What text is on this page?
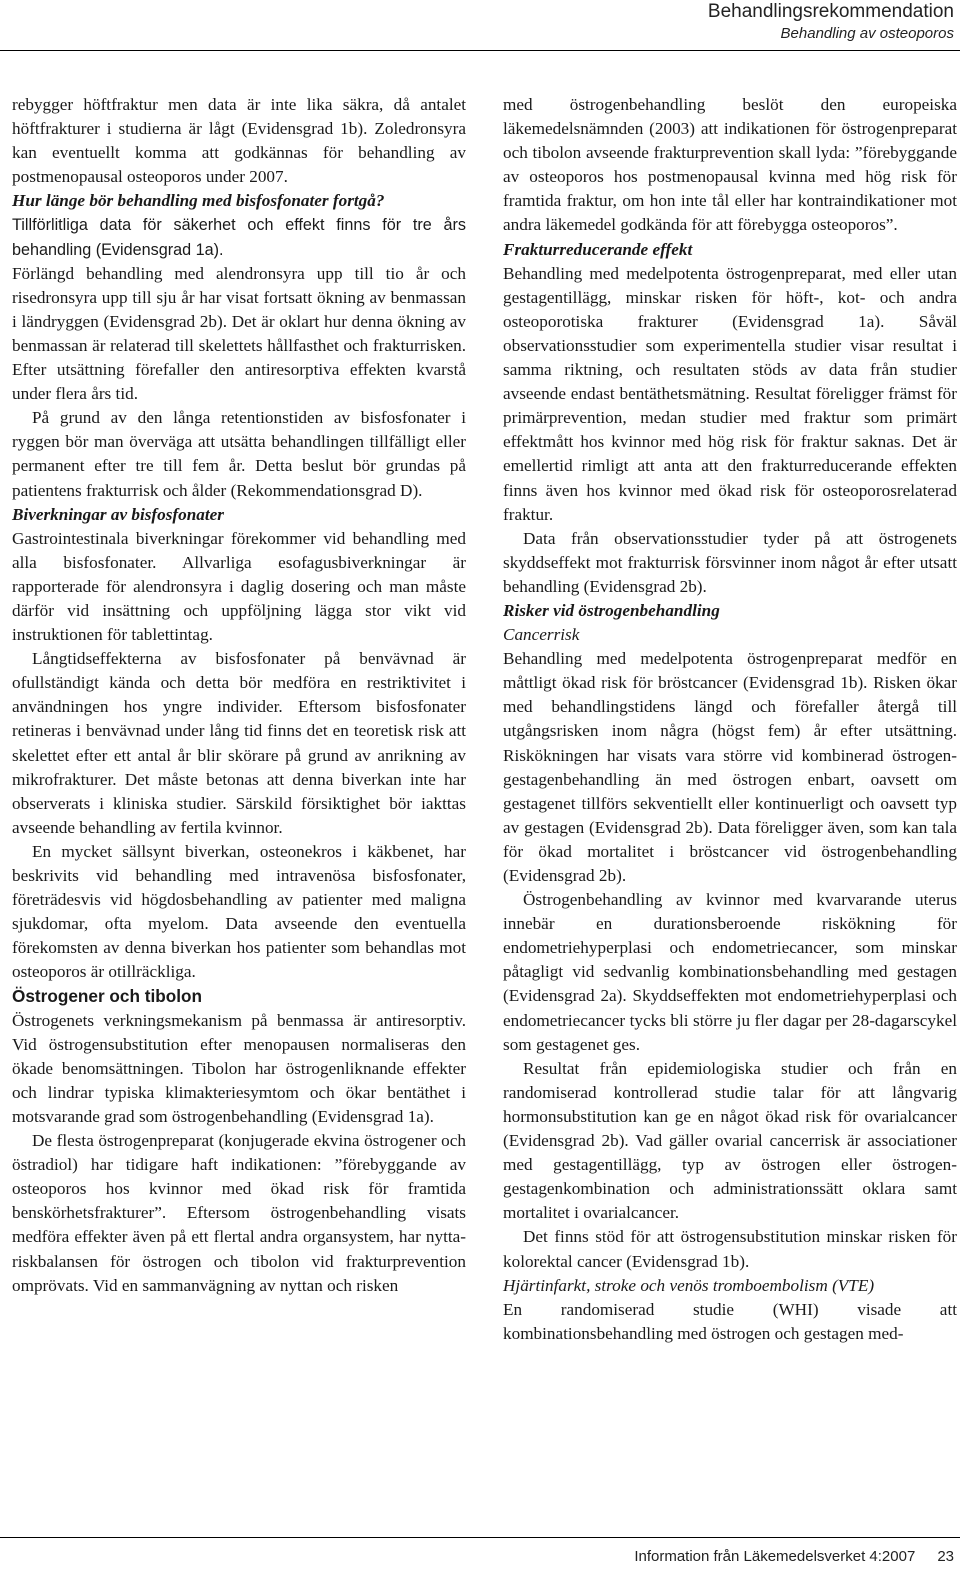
Behandlingsrekommendation
Behandling av osteoporos

rebygger höftfraktur men data är inte lika säkra, då antalet höftfrakturer i studierna är lågt (Evidensgrad 1b). Zoledronsyra kan eventuellt komma att godkännas för behandling av postmenopausal osteoporos under 2007.

Hur länge bör behandling med bisfosfonater fortgå?

Tillförlitliga data för säkerhet och effekt finns för tre års behandling (Evidensgrad 1a).

Förlängd behandling med alendronsyra upp till tio år och risedronsyra upp till sju år har visat fortsatt ökning av benmassan i ländryggen (Evidensgrad 2b). Det är oklart hur denna ökning av benmassan är relaterad till skelettets hållfasthet och frakturrisken. Efter utsättning förefaller den antiresorptiva effekten kvarstå under flera års tid.

På grund av den långa retentionstiden av bisfosfonater i ryggen bör man överväga att utsätta behandlingen tillfälligt eller permanent efter tre till fem år. Detta beslut bör grundas på patientens frakturrisk och ålder (Rekommendationsgrad D).

Biverkningar av bisfosfonater

Gastrointestinala biverkningar förekommer vid behandling med alla bisfosfonater. Allvarliga esofagusbiverkningar är rapporterade för alendronsyra i daglig dosering och man måste därför vid insättning och uppföljning lägga stor vikt vid instruktionen för tablettintag.

Långtidseffekterna av bisfosfonater på benvävnad är ofullständigt kända och detta bör medföra en restriktivitet i användningen hos yngre individer. Eftersom bisfosfonater retineras i benvävnad under lång tid finns det en teoretisk risk att skelettet efter ett antal år blir skörare på grund av anrikning av mikrofrakturer. Det måste betonas att denna biverkan inte har observerats i kliniska studier. Särskild försiktighet bör iakttas avseende behandling av fertila kvinnor.

En mycket sällsynt biverkan, osteonekros i käkbenet, har beskrivits vid behandling med intravenösa bisfosfonater, företrädesvis vid högdosbehandling av patienter med maligna sjukdomar, ofta myelom. Data avseende den eventuella förekomsten av denna biverkan hos patienter som behandlas mot osteoporos är otillräckliga.

Östrogener och tibolon

Östrogenets verkningsmekanism på benmassa är antiresorptiv. Vid östrogensubstitution efter menopausen normaliseras den ökade benomsättningen. Tibolon har östrogenliknande effekter och lindrar typiska klimakteriesymtom och ökar bentäthet i motsvarande grad som östrogenbehandling (Evidensgrad 1a).

De flesta östrogenpreparat (konjugerade ekvina östrogener och östradiol) har tidigare haft indikationen: ”förebyggande av osteoporos hos kvinnor med ökad risk för framtida benskörhetsfrakturer”. Eftersom östrogenbehandling visats medföra effekter även på ett flertal andra organsystem, har nytta-riskbalansen för östrogen och tibolon vid frakturprevention omprövats. Vid en sammanvägning av nyttan och risken

med östrogenbehandling beslöt den europeiska läkemedelsnämnden (2003) att indikationen för östrogenpreparat och tibolon avseende frakturprevention skall lyda: ”förebyggande av osteoporos hos postmenopausal kvinna med hög risk för framtida fraktur, om hon inte tål eller har kontraindikationer mot andra läkemedel godkända för att förebygga osteoporos”.

Frakturreducerande effekt

Behandling med medelpotenta östrogenpreparat, med eller utan gestagentillägg, minskar risken för höft-, kot- och andra osteoporotiska frakturer (Evidensgrad 1a). Såväl observationsstudier som experimentella studier visar resultat i samma riktning, och resultaten stöds av data från studier avseende endast bentäthetsmätning. Resultat föreligger främst för primärprevention, medan studier med fraktur som primärt effektmått hos kvinnor med hög risk för fraktur saknas. Det är emellertid rimligt att anta att den frakturreducerande effekten finns även hos kvinnor med ökad risk för osteoporosrelaterad fraktur.

Data från observationsstudier tyder på att östrogenets skyddseffekt mot frakturrisk försvinner inom något år efter utsatt behandling (Evidensgrad 2b).

Risker vid östrogenbehandling
Cancerrisk

Behandling med medelpotenta östrogenpreparat medför en måttligt ökad risk för bröstcancer (Evidensgrad 1b). Risken ökar med behandlingstidens längd och förefaller återgå till utgångsrisken inom några (högst fem) år efter utsättning. Riskökningen har visats vara större vid kombinerad östrogen-gestagenbehandling än med östrogen enbart, oavsett om gestagenet tillförs sekventiellt eller kontinuerligt och oavsett typ av gestagen (Evidensgrad 2b). Data föreligger även, som kan tala för ökad mortalitet i bröstcancer vid östrogenbehandling (Evidensgrad 2b).

Östrogenbehandling av kvinnor med kvarvarande uterus innebär en durationsberoende riskökning för endometriehyperplasi och endometriecancer, som minskar påtagligt vid sedvanlig kombinationsbehandling med gestagen (Evidensgrad 2a). Skyddseffekten mot endometriehyperplasi och endometriecancer tycks bli större ju fler dagar per 28-dagarscykel som gestagenet ges.

Resultat från epidemiologiska studier och från en randomiserad kontrollerad studie talar för att långvarig hormonsubstitution kan ge en något ökad risk för ovarialcancer (Evidensgrad 2b). Vad gäller ovarial cancerrisk är associationer med gestagentillägg, typ av östrogen eller östrogen-gestagenkombination och administrationssätt oklara samt mortalitet i ovarialcancer.

Det finns stöd för att östrogensubstitution minskar risken för kolorektal cancer (Evidensgrad 1b).

Hjärtinfarkt, stroke och venös tromboembolism (VTE)

En randomiserad studie (WHI) visade att kombinationsbehandling med östrogen och gestagen med-

Information från Läkemedelsverket 4:2007 23
